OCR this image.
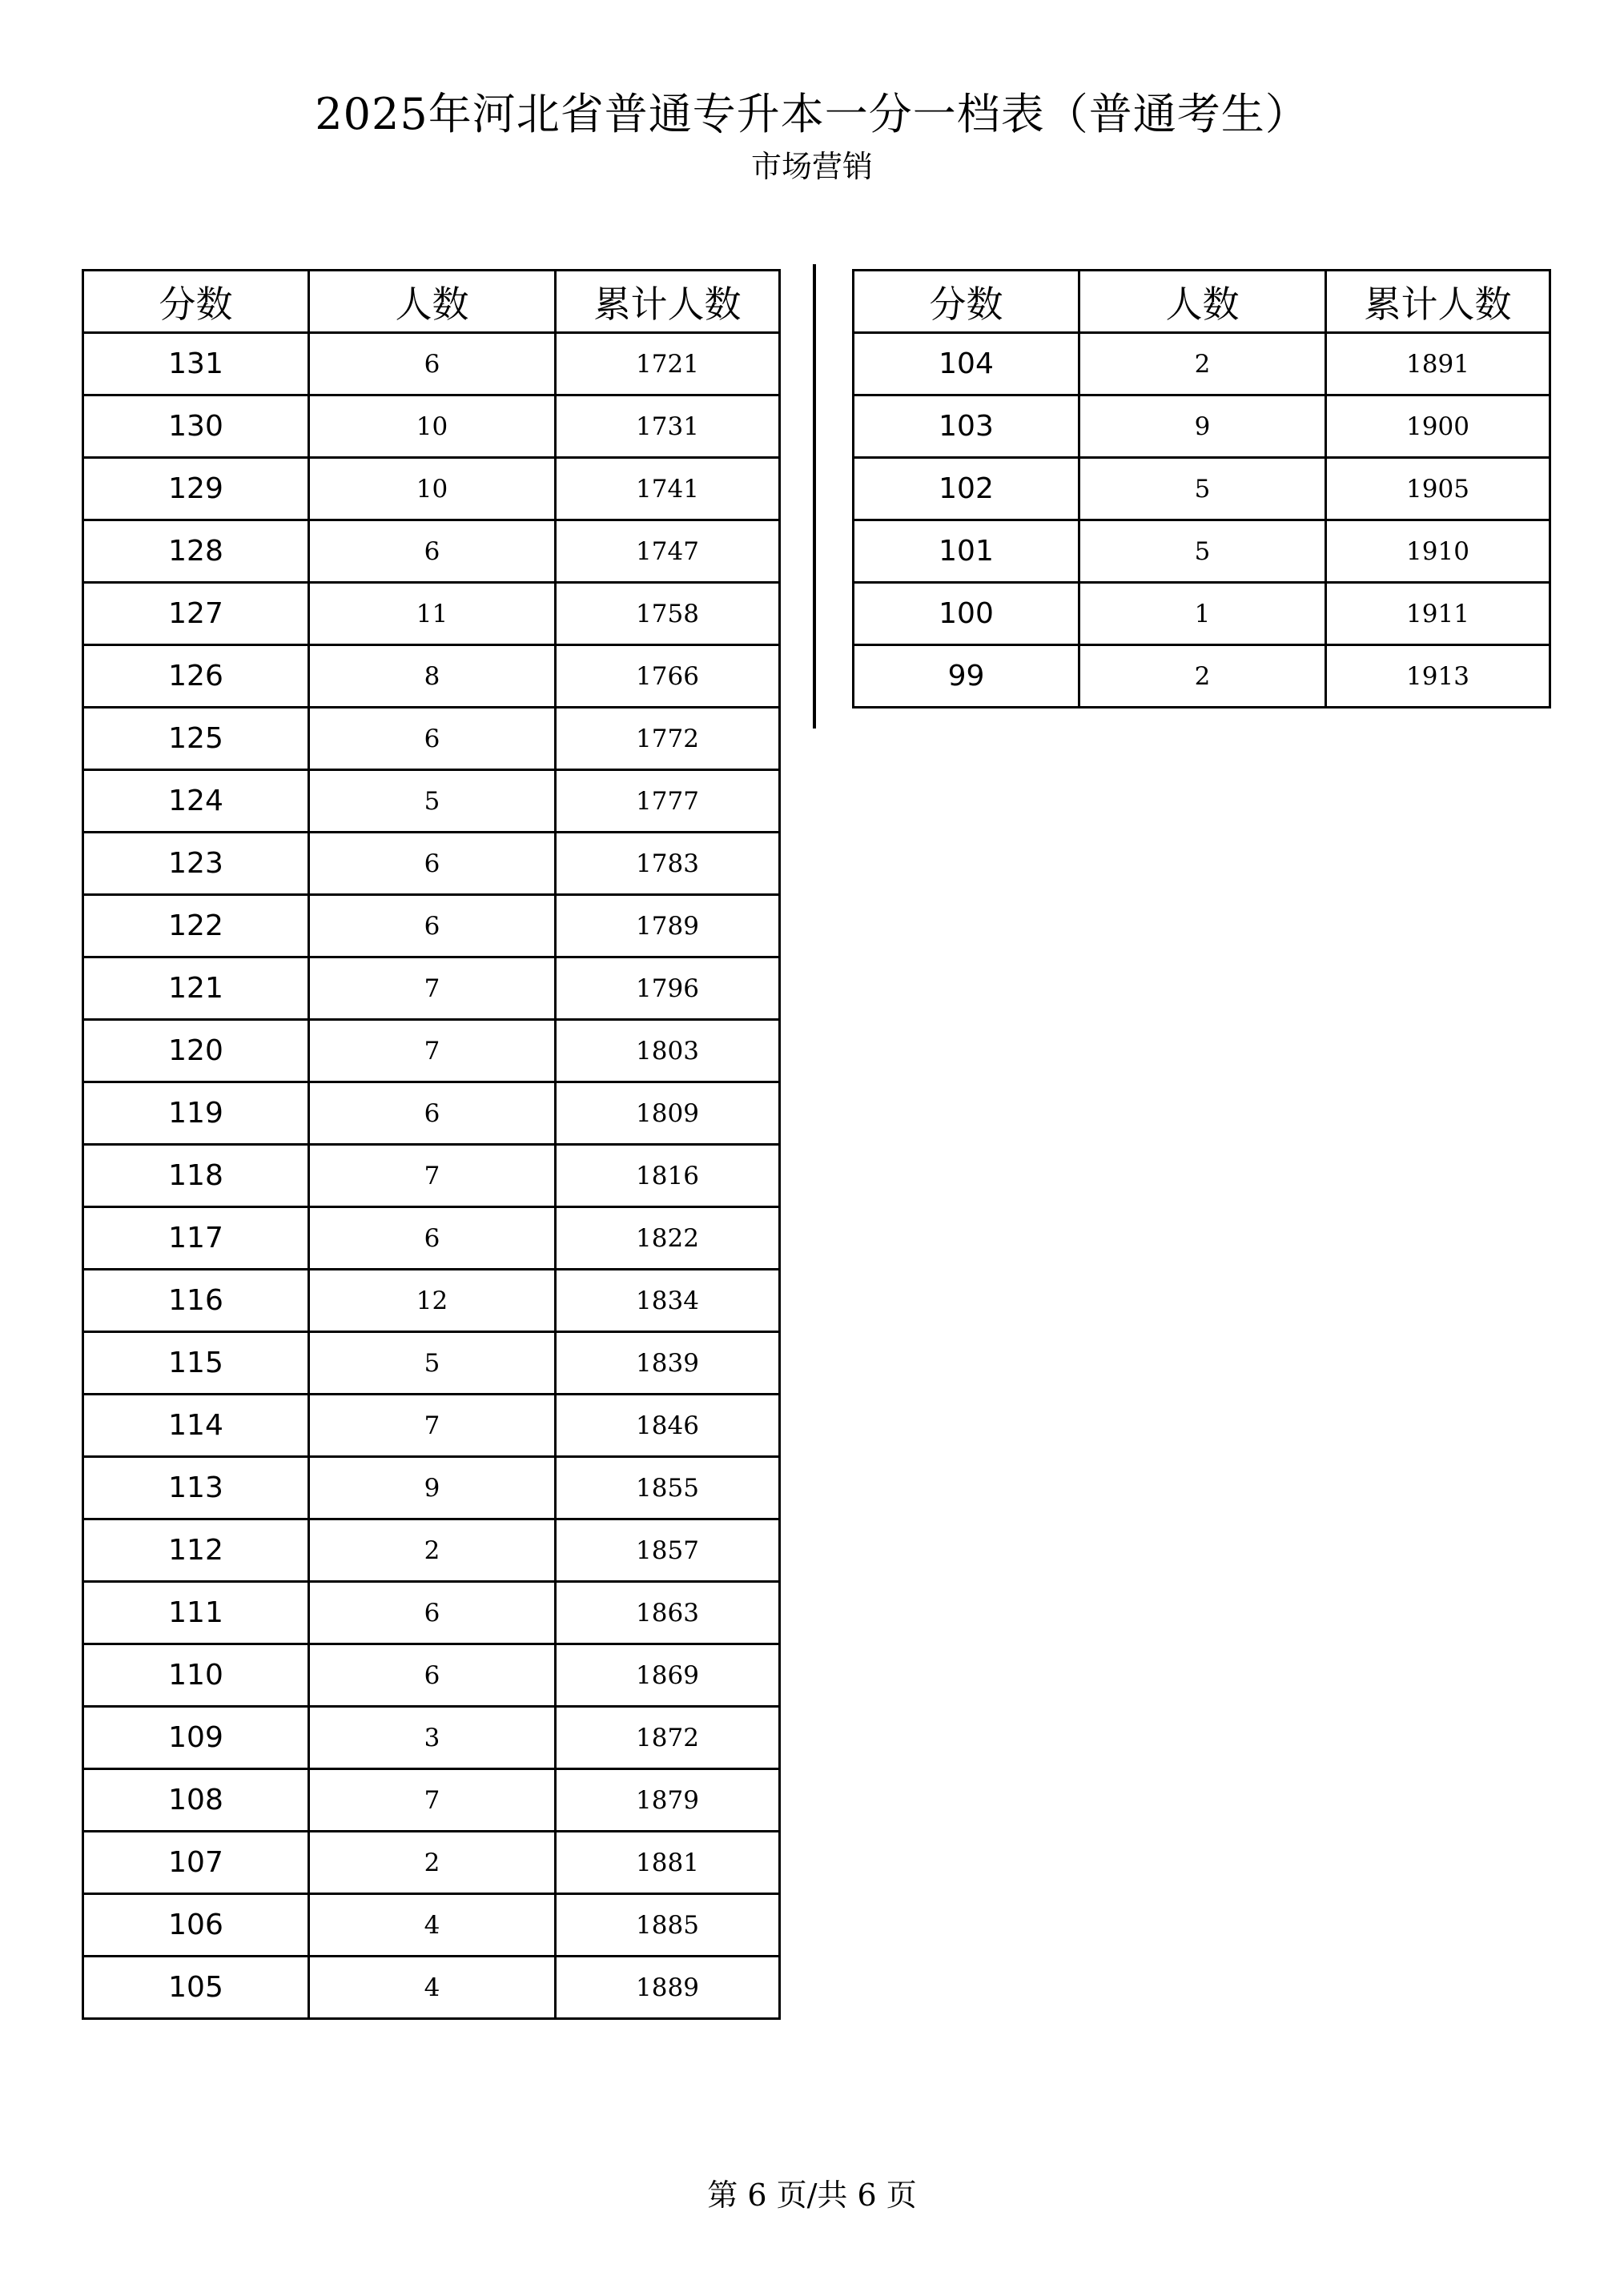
2025年河北省普通专升本一分一档表（普通考生）
市场营销
分数	人数	累计人数
131	6	1721
130	10	1731
129	10	1741
128	6	1747
127	11	1758
126	8	1766
125	6	1772
124	5	1777
123	6	1783
122	6	1789
121	7	1796
120	7	1803
119	6	1809
118	7	1816
117	6	1822
116	12	1834
115	5	1839
114	7	1846
113	9	1855
112	2	1857
111	6	1863
110	6	1869
109	3	1872
108	7	1879
107	2	1881
106	4	1885
105	4	1889
分数	人数	累计人数
104	2	1891
103	9	1900
102	5	1905
101	5	1910
100	1	1911
99	2	1913
第 6 页/共 6 页
